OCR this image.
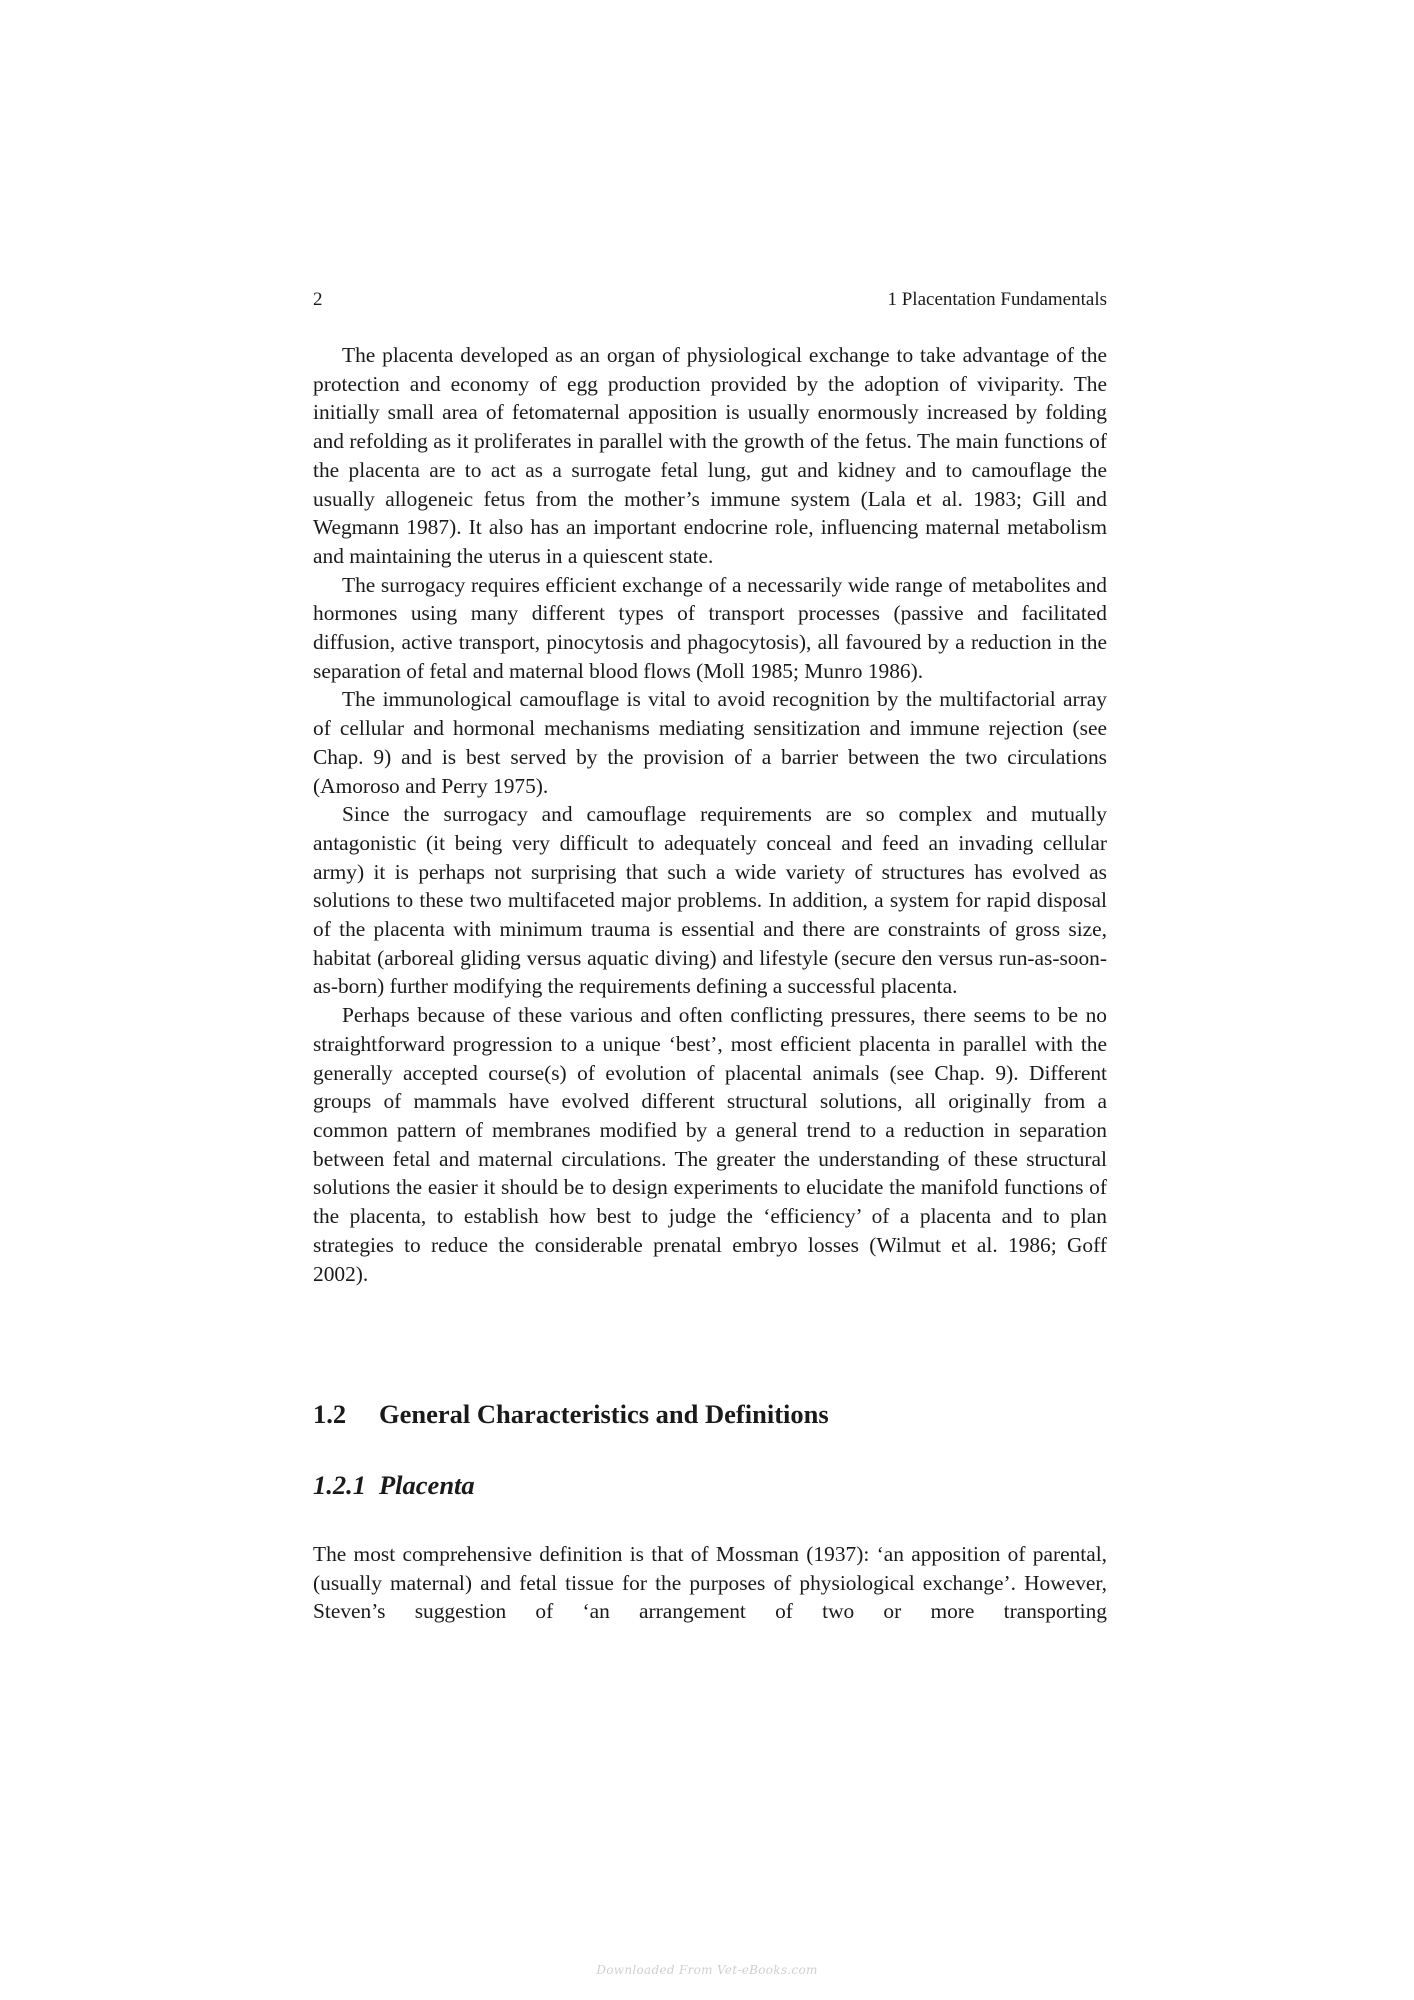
2	1 Placentation Fundamentals

The placenta developed as an organ of physiological exchange to take advantage of the protection and economy of egg production provided by the adoption of viviparity. The initially small area of fetomaternal apposition is usually enormously increased by folding and refolding as it proliferates in parallel with the growth of the fetus. The main functions of the placenta are to act as a surrogate fetal lung, gut and kidney and to camouflage the usually allogeneic fetus from the mother’s immune system (Lala et al. 1983; Gill and Wegmann 1987). It also has an important endocrine role, influencing maternal metabolism and maintaining the uterus in a quiescent state.

The surrogacy requires efficient exchange of a necessarily wide range of metabolites and hormones using many different types of transport processes (passive and facilitated diffusion, active transport, pinocytosis and phagocytosis), all favoured by a reduction in the separation of fetal and maternal blood flows (Moll 1985; Munro 1986).

The immunological camouflage is vital to avoid recognition by the multifactorial array of cellular and hormonal mechanisms mediating sensitization and immune rejection (see Chap. 9) and is best served by the provision of a barrier between the two circulations (Amoroso and Perry 1975).

Since the surrogacy and camouflage requirements are so complex and mutually antagonistic (it being very difficult to adequately conceal and feed an invading cellular army) it is perhaps not surprising that such a wide variety of structures has evolved as solutions to these two multifaceted major problems. In addition, a system for rapid disposal of the placenta with minimum trauma is essential and there are constraints of gross size, habitat (arboreal gliding versus aquatic diving) and lifestyle (secure den versus run-as-soon-as-born) further modifying the requirements defining a successful placenta.

Perhaps because of these various and often conflicting pressures, there seems to be no straightforward progression to a unique ‘best’, most efficient placenta in parallel with the generally accepted course(s) of evolution of placental animals (see Chap. 9). Different groups of mammals have evolved different structural solutions, all originally from a common pattern of membranes modified by a general trend to a reduction in separation between fetal and maternal circulations. The greater the understanding of these structural solutions the easier it should be to design experiments to elucidate the manifold functions of the placenta, to establish how best to judge the ‘efficiency’ of a placenta and to plan strategies to reduce the considerable prenatal embryo losses (Wilmut et al. 1986; Goff 2002).

1.2 General Characteristics and Definitions
1.2.1 Placenta

The most comprehensive definition is that of Mossman (1937): ‘an apposition of parental, (usually maternal) and fetal tissue for the purposes of physiological exchange’. However, Steven’s suggestion of ‘an arrangement of two or more transporting

Downloaded From Vet-eBooks.com
